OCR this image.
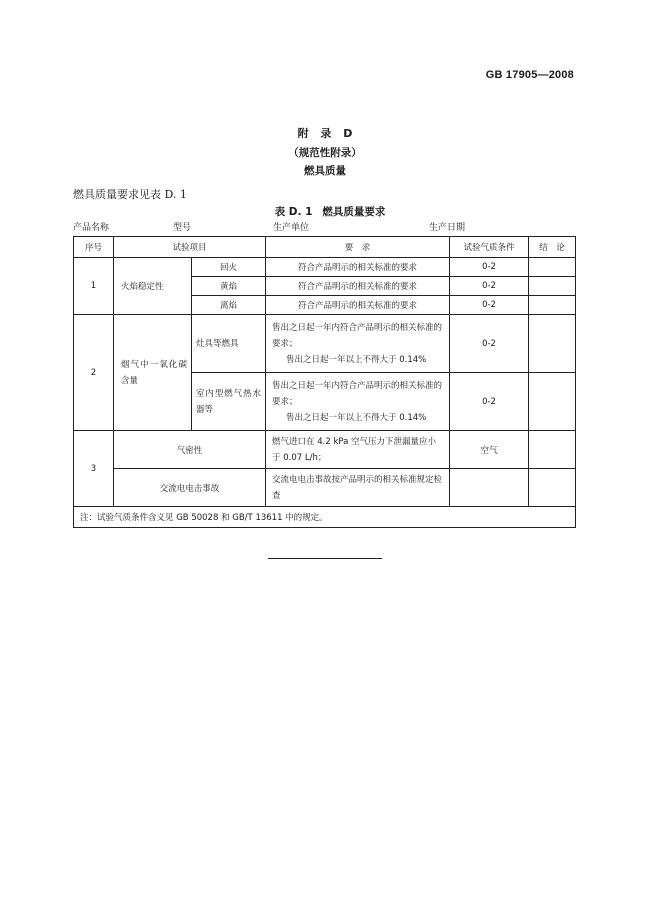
GB 17905—2008
附 录 D
（规范性附录）
燃具质量
燃具质量要求见表 D. 1
表 D. 1 燃具质量要求
产品名称	型号	生产单位	生产日期
序号	试验项目		要　求	试验气质条件	结　论
1	火焰稳定性	回火	符合产品明示的相关标准的要求	0-2	
		黄焰	符合产品明示的相关标准的要求	0-2	
		离焰	符合产品明示的相关标准的要求	0-2	
2	烟气中一氧化碳含量	灶具等燃具	售出之日起一年内符合产品明示的相关标准的要求；
售出之日起一年以上不得大于 0.14%	0-2	
		室内型燃气热水器等	售出之日起一年内符合产品明示的相关标准的要求；
售出之日起一年以上不得大于 0.14%	0-2	
3	气密性		燃气进口在 4.2 kPa 空气压力下泄漏量应小于 0.07 L/h；	空气	
	交流电电击事故		交流电电击事故按产品明示的相关标准规定检查		
注：试验气质条件含义见 GB 50028 和 GB/T 13611 中的规定。					
